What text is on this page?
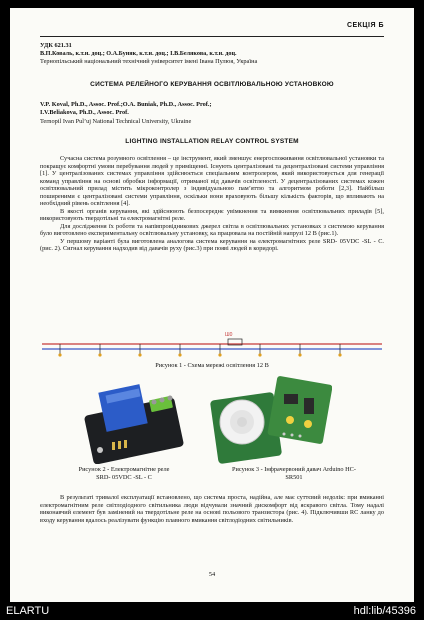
СЕКЦІЯ Б
УДК 621.31
В.П.Коваль, к.т.н. доц.; О.А.Буняк, к.т.н. доц.; І.В.Белякова, к.т.н. доц.
Тернопільський національний технічний університет імені Івана Пулюя, Україна
СИСТЕМА РЕЛЕЙНОГО КЕРУВАННЯ ОСВІТЛЮВАЛЬНОЮ УСТАНОВКОЮ
V.P. Koval, Ph.D., Assoc. Prof.;O.A. Buniak, Ph.D., Assoc. Prof.;
I.V.Beliakova, Ph.D., Assoc. Prof.
Ternopil Ivan Pul’uj National Technical University, Ukraine
LIGHTING INSTALLATION RELAY CONTROL SYSTEM

Сучасна система розумного освітлення – це інструмент, який зменшує енергоспоживання освітлювальної установки та покращує комфортні умови перебування людей у приміщенні. Існують централізовані та децентралізовані системи управління [1]. У централізованих системах управління здійснюється спеціальним контролером, який використовується для генерації команд управління на основі обробки інформації, отриманої від давачів освітленості. У децентралізованих системах кожен освітлювальний прилад містить мікроконтролер з індивідуальною пам’яттю та алгоритмом роботи [2,3]. Найбільш поширеними є централізовані системи управління, оскільки вони враховують більшу кількість факторів, що впливають на необхідний рівень освітлення [4].

В якості органів керування, які здійснюють безпосереднє увімкнення та вимкнення освітлювальних приладів [5], використовують твердотільні та електромагнітні реле.

Для дослідження їх роботи та напівпровідникових джерел світла в освітлювальних установках з системою керування було виготовлено експериментальну освітлювальну установку, ка працювала на постійній напрузі 12 В (рис.1).

У першому варіанті була виготовлена аналогова система керування на електромагнітних реле SRD- 05VDC -SL - C. (рис. 2). Сигнал керування надходив від давачів руху (рис.3) при появі людей в коридорі.

Ш0
Рисунок 1 - Схема мережі освітлення 12 В
Рисунок 2 - Електромагнітне реле
SRD- 05VDC -SL - C
Рисунок 3 - Інфрачервоний давач Arduino HC-
SR501

В результаті тривалої експлуатації встановлено, що система проста, надійна, але має суттєвий недолік: при вмиканні електромагнітним реле світлодіодного світильника люди відчували значний дискомфорт від яскравого світла. Тому надалі виконавчий елемент був замінений на твердотільне реле на основі польового транзистора (рис. 4). Підключивши RC ланку до входу керування вдалось реалізувати функцію плавного вмикання світлодіодних світильників.

54
ELARTU	hdl:lib/45396
